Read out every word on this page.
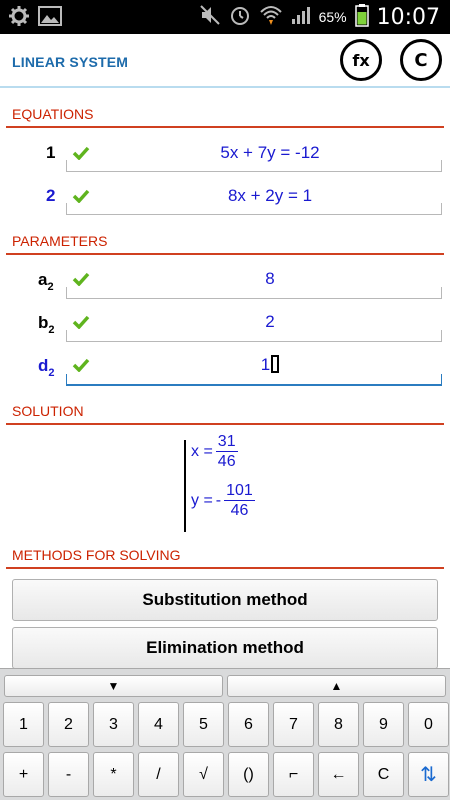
65% 10:07
LINEAR SYSTEM	fx	C
EQUATIONS
1	5x + 7y = -12
2	8x + 2y = 1
PARAMETERS
$a_2$	8
$b_2$	2
$d_2$	1
SOLUTION
$x = \frac{31}{46}$
y = - $\frac{101}{46}$
METHODS FOR SOLVING
Substitution method
Elimination method
▼	▲
1	2	3	4	5	6	7	8	9	0
+	-	*	/	√	()	⌐	←	C	⇅
